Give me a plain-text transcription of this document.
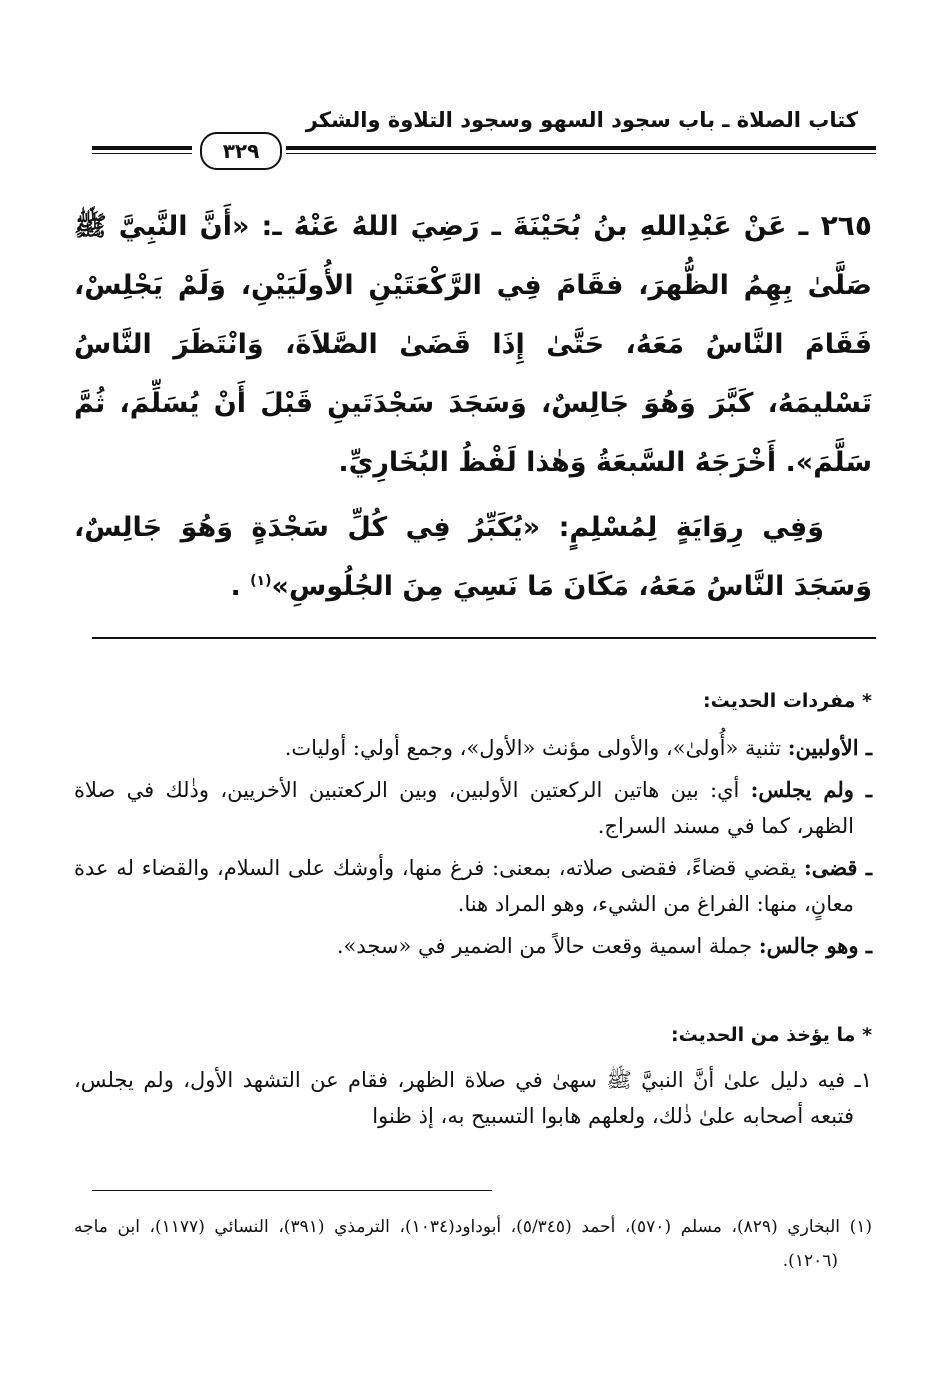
كتاب الصلاة ـ باب سجود السهو وسجود التلاوة والشكر
٣٢٩

٢٦٥ ـ عَنْ عَبْدِاللهِ بنُ بُحَيْنَةَ ـ رَضِيَ اللهُ عَنْهُ ـ: «أَنَّ النَّبِيَّ ﷺ صَلَّىٰ بِهِمُ الظُّهرَ، فقَامَ فِي الرَّكْعَتَيْنِ الأُولَيَيْنِ، وَلَمْ يَجْلِسْ، فَقَامَ النَّاسُ مَعَهُ، حَتَّىٰ إِذَا قَضَىٰ الصَّلاَةَ، وَانْتَظَرَ النَّاسُ تَسْليمَهُ، كَبَّرَ وَهُوَ جَالِسٌ، وَسَجَدَ سَجْدَتَينِ قَبْلَ أَنْ يُسَلِّمَ، ثُمَّ سَلَّمَ». أَخْرَجَهُ السَّبعَةُ وَهٰذا لَفْظُ البُخَارِيِّ.

وَفِي رِوَايَةٍ لِمُسْلِمٍ: «يُكَبِّرُ فِي كُلِّ سَجْدَةٍ وَهُوَ جَالِسٌ، وَسَجَدَ النَّاسُ مَعَهُ، مَكَانَ مَا نَسِيَ مِنَ الجُلُوسِ»$^{(١)}$ .

* مفردات الحديث:

ـ الأولبين: تثنية «أُولىٰ»، والأولى مؤنث «الأول»، وجمع أولي: أوليات.

ـ ولم يجلس: أي: بين هاتين الركعتين الأولبين، وبين الركعتبين الأخريين، وذٰلك في صلاة الظهر، كما في مسند السراج.

ـ قضى: يقضي قضاءً، فقضى صلاته، بمعنى: فرغ منها، وأوشك على السلام، والقضاء له عدة معانٍ، منها: الفراغ من الشيء، وهو المراد هنا.

ـ وهو جالس: جملة اسمية وقعت حالاً من الضمير في «سجد».

* ما يؤخذ من الحديث:

١ـ فيه دليل علىٰ أنَّ النبيَّ ﷺ سهىٰ في صلاة الظهر، فقام عن التشهد الأول، ولم يجلس، فتبعه أصحابه علىٰ ذٰلك، ولعلهم هابوا التسبيح به، إذ ظنوا

(١) البخاري (٨٢٩)، مسلم (٥٧٠)، أحمد (٥/٣٤٥)، أبوداود(١٠٣٤)، الترمذي (٣٩١)، النسائي (١١٧٧)، ابن ماجه (١٢٠٦).
